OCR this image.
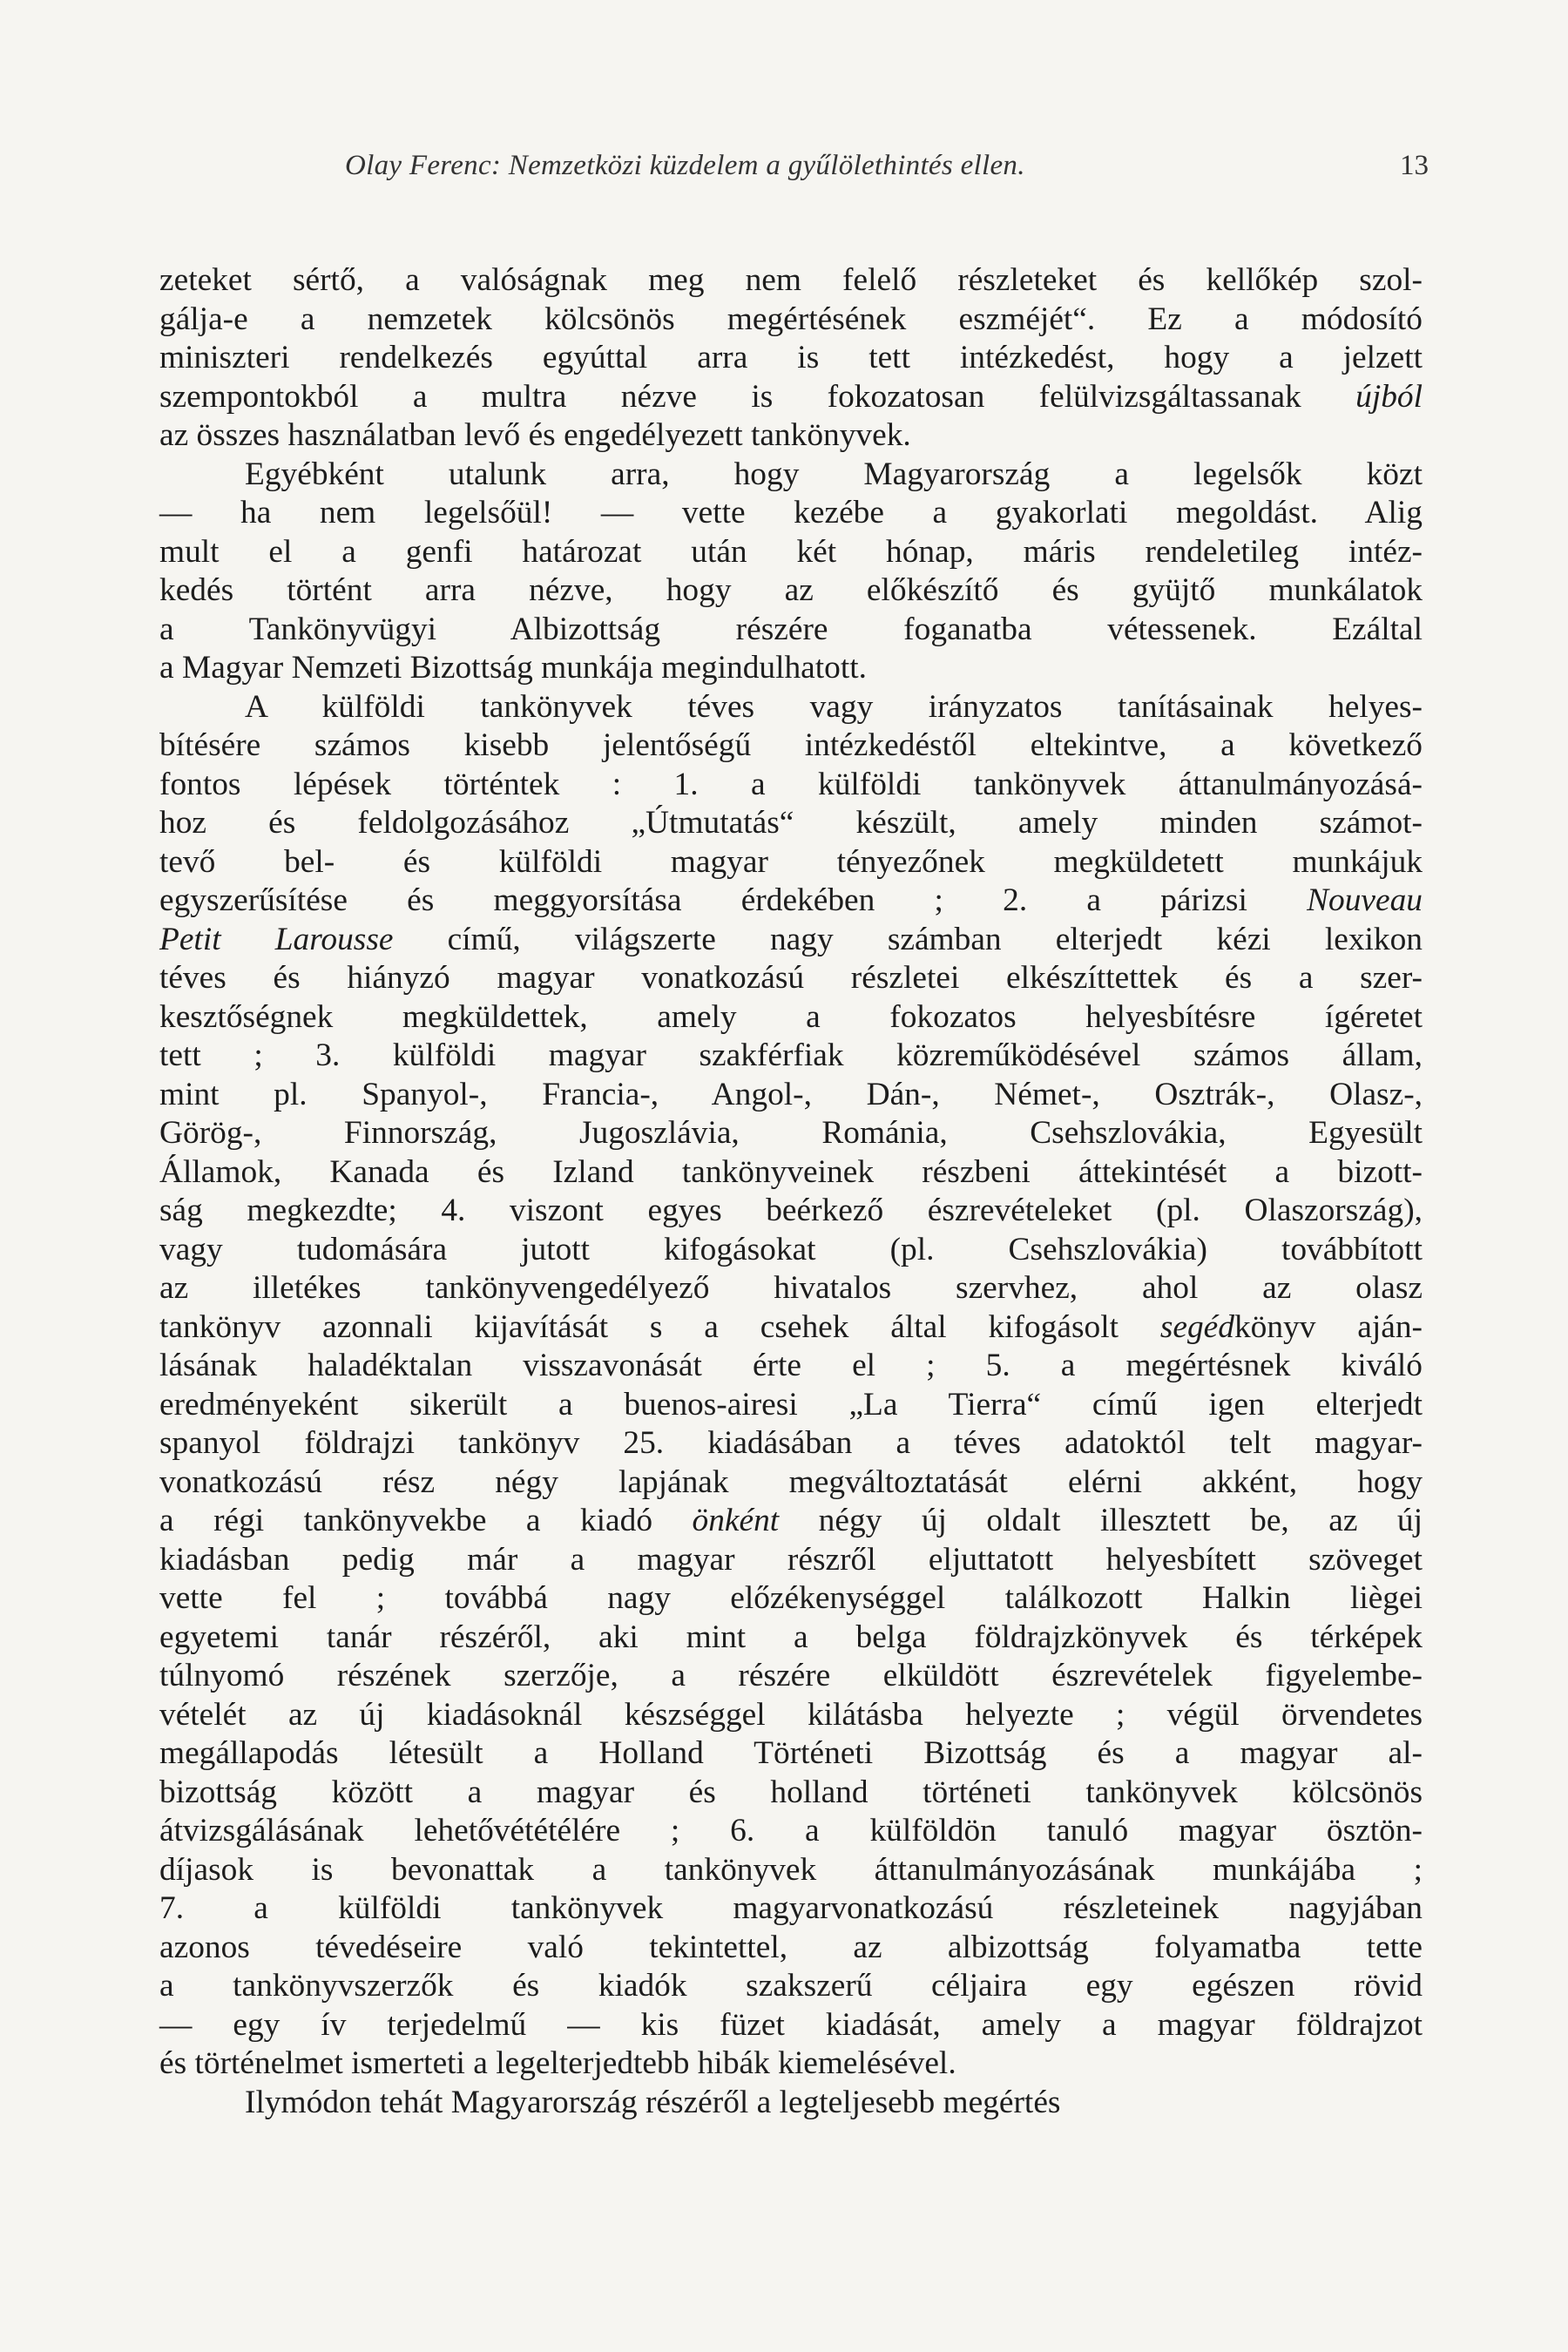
Olay Ferenc: Nemzetközi küzdelem a gyűlölethintés ellen.	13

zeteket sértő, a valóságnak meg nem felelő részleteket és kellőkép szol-
gálja-e a nemzetek kölcsönös megértésének eszméjét“. Ez a módosító
miniszteri rendelkezés egyúttal arra is tett intézkedést, hogy a jelzett
szempontokból a multra nézve is fokozatosan felülvizsgáltassanak újból
az összes használatban levő és engedélyezett tankönyvek.

Egyébként utalunk arra, hogy Magyarország a legelsők közt
— ha nem legelsőül! — vette kezébe a gyakorlati megoldást. Alig
mult el a genfi határozat után két hónap, máris rendeletileg intéz-
kedés történt arra nézve, hogy az előkészítő és gyüjtő munkálatok
a Tankönyvügyi Albizottság részére foganatba vétessenek. Ezáltal
a Magyar Nemzeti Bizottság munkája megindulhatott.

A külföldi tankönyvek téves vagy irányzatos tanításainak helyes-
bítésére számos kisebb jelentőségű intézkedéstől eltekintve, a következő
fontos lépések történtek : 1. a külföldi tankönyvek áttanulmányozásá-
hoz és feldolgozásához „Útmutatás“ készült, amely minden számot-
tevő bel- és külföldi magyar tényezőnek megküldetett munkájuk
egyszerűsítése és meggyorsítása érdekében ; 2. a párizsi Nouveau
Petit Larousse című, világszerte nagy számban elterjedt kézi lexikon
téves és hiányzó magyar vonatkozású részletei elkészíttettek és a szer-
kesztőségnek megküldettek, amely a fokozatos helyesbítésre ígéretet
tett ; 3. külföldi magyar szakférfiak közreműködésével számos állam,
mint pl. Spanyol-, Francia-, Angol-, Dán-, Német-, Osztrák-, Olasz-,
Görög-, Finnország, Jugoszlávia, Románia, Csehszlovákia, Egyesült
Államok, Kanada és Izland tankönyveinek részbeni áttekintését a bizott-
ság megkezdte; 4. viszont egyes beérkező észrevételeket (pl. Olaszország),
vagy tudomására jutott kifogásokat (pl. Csehszlovákia) továbbított
az illetékes tankönyvengedélyező hivatalos szervhez, ahol az olasz
tankönyv azonnali kijavítását s a csehek által kifogásolt segédkönyv aján-
lásának haladéktalan visszavonását érte el ; 5. a megértésnek kiváló
eredményeként sikerült a buenos-airesi „La Tierra“ című igen elterjedt
spanyol földrajzi tankönyv 25. kiadásában a téves adatoktól telt magyar-
vonatkozású rész négy lapjának megváltoztatását elérni akként, hogy
a régi tankönyvekbe a kiadó önként négy új oldalt illesztett be, az új
kiadásban pedig már a magyar részről eljuttatott helyesbített szöveget
vette fel ; továbbá nagy előzékenységgel találkozott Halkin liègei
egyetemi tanár részéről, aki mint a belga földrajzkönyvek és térképek
túlnyomó részének szerzője, a részére elküldött észrevételek figyelembe-
vételét az új kiadásoknál készséggel kilátásba helyezte ; végül örvendetes
megállapodás létesült a Holland Történeti Bizottság és a magyar al-
bizottság között a magyar és holland történeti tankönyvek kölcsönös
átvizsgálásának lehetővététélére ; 6. a külföldön tanuló magyar ösztön-
díjasok is bevonattak a tankönyvek áttanulmányozásának munkájába ;
7. a külföldi tankönyvek magyarvonatkozású részleteinek nagyjában
azonos tévedéseire való tekintettel, az albizottság folyamatba tette
a tankönyvszerzők és kiadók szakszerű céljaira egy egészen rövid
— egy ív terjedelmű — kis füzet kiadását, amely a magyar földrajzot
és történelmet ismerteti a legelterjedtebb hibák kiemelésével.

Ilymódon tehát Magyarország részéről a legteljesebb megértés
